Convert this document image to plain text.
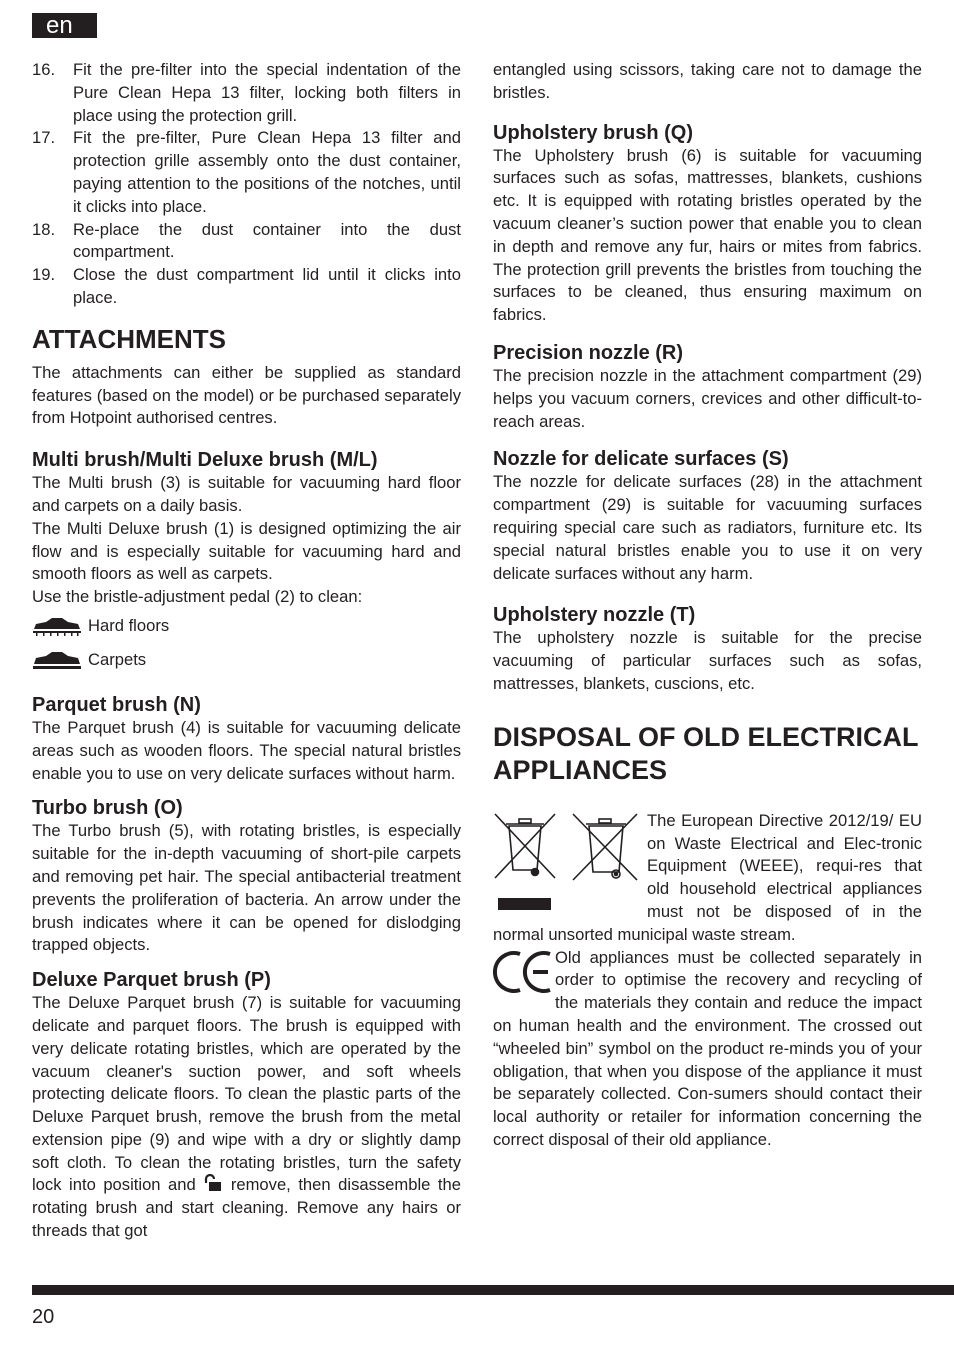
en
16. Fit the pre-filter into the special indentation of the Pure Clean Hepa 13 filter, locking both filters in place using the protection grill.
17. Fit the pre-filter, Pure Clean Hepa 13 filter and protection grille assembly onto the dust container, paying attention to the positions of the notches, until it clicks into place.
18. Re-place the dust container into the dust compartment.
19. Close the dust compartment lid until it clicks into place.
ATTACHMENTS

The attachments can either be supplied as standard features (based on the model) or be purchased separately from Hotpoint authorised centres.

Multi brush/Multi Deluxe brush (M/L)

The Multi brush (3) is suitable for vacuuming hard floor and carpets on a daily basis.

The Multi Deluxe brush (1) is designed optimizing the air flow and is especially suitable for vacuuming hard and smooth floors as well as carpets.

Use the bristle-adjustment pedal (2) to clean:

Hard floors
Carpets
Parquet brush (N)

The Parquet brush (4) is suitable for vacuuming delicate areas such as wooden floors. The special natural bristles enable you to use on very delicate surfaces without harm.

Turbo brush (O)

The Turbo brush (5), with rotating bristles, is especially suitable for the in-depth vacuuming of short-pile carpets and removing pet hair. The special antibacterial treatment prevents the proliferation of bacteria. An arrow under the brush indicates where it can be opened for dislodging trapped objects.

Deluxe Parquet brush (P)

The Deluxe Parquet brush (7) is suitable for vacuuming delicate and parquet floors. The brush is equipped with very delicate rotating bristles, which are operated by the vacuum cleaner's suction power, and soft wheels protecting delicate floors. To clean the plastic parts of the Deluxe Parquet brush, remove the brush from the metal extension pipe (9) and wipe with a dry or slightly damp soft cloth. To clean the rotating bristles, turn the safety lock into position and remove, then disassemble the rotating brush and start cleaning. Remove any hairs or threads that got

entangled using scissors, taking care not to damage the bristles.

Upholstery brush (Q)

The Upholstery brush (6) is suitable for vacuuming surfaces such as sofas, mattresses, blankets, cushions etc. It is equipped with rotating bristles operated by the vacuum cleaner’s suction power that enable you to clean in depth and remove any fur, hairs or mites from fabrics. The protection grill prevents the bristles from touching the surfaces to be cleaned, thus ensuring maximum on fabrics.

Precision nozzle (R)

The precision nozzle in the attachment compartment (29) helps you vacuum corners, crevices and other difficult-to-reach areas.

Nozzle for delicate surfaces (S)

The nozzle for delicate surfaces (28) in the attachment compartment (29) is suitable for vacuuming surfaces requiring special care such as radiators, furniture etc. Its special natural bristles enable you to use it on very delicate surfaces without any harm.

Upholstery nozzle (T)

The upholstery nozzle is suitable for the precise vacuuming of particular surfaces such as sofas, mattresses, blankets, cuscions, etc.

DISPOSAL OF OLD ELECTRICAL APPLIANCES

The European Directive 2012/19/ EU on Waste Electrical and Elec-tronic Equipment (WEEE), requi-res that old household electrical appliances must not be disposed of in the normal unsorted municipal waste stream.

Old appliances must be collected separately in order to optimise the recovery and recycling of the materials they contain and reduce the impact on human health and the environment. The crossed out “wheeled bin” symbol on the product re-minds you of your obligation, that when you dispose of the appliance it must be separately collected. Con-sumers should contact their local authority or retailer for information concerning the correct disposal of their old appliance.

20
